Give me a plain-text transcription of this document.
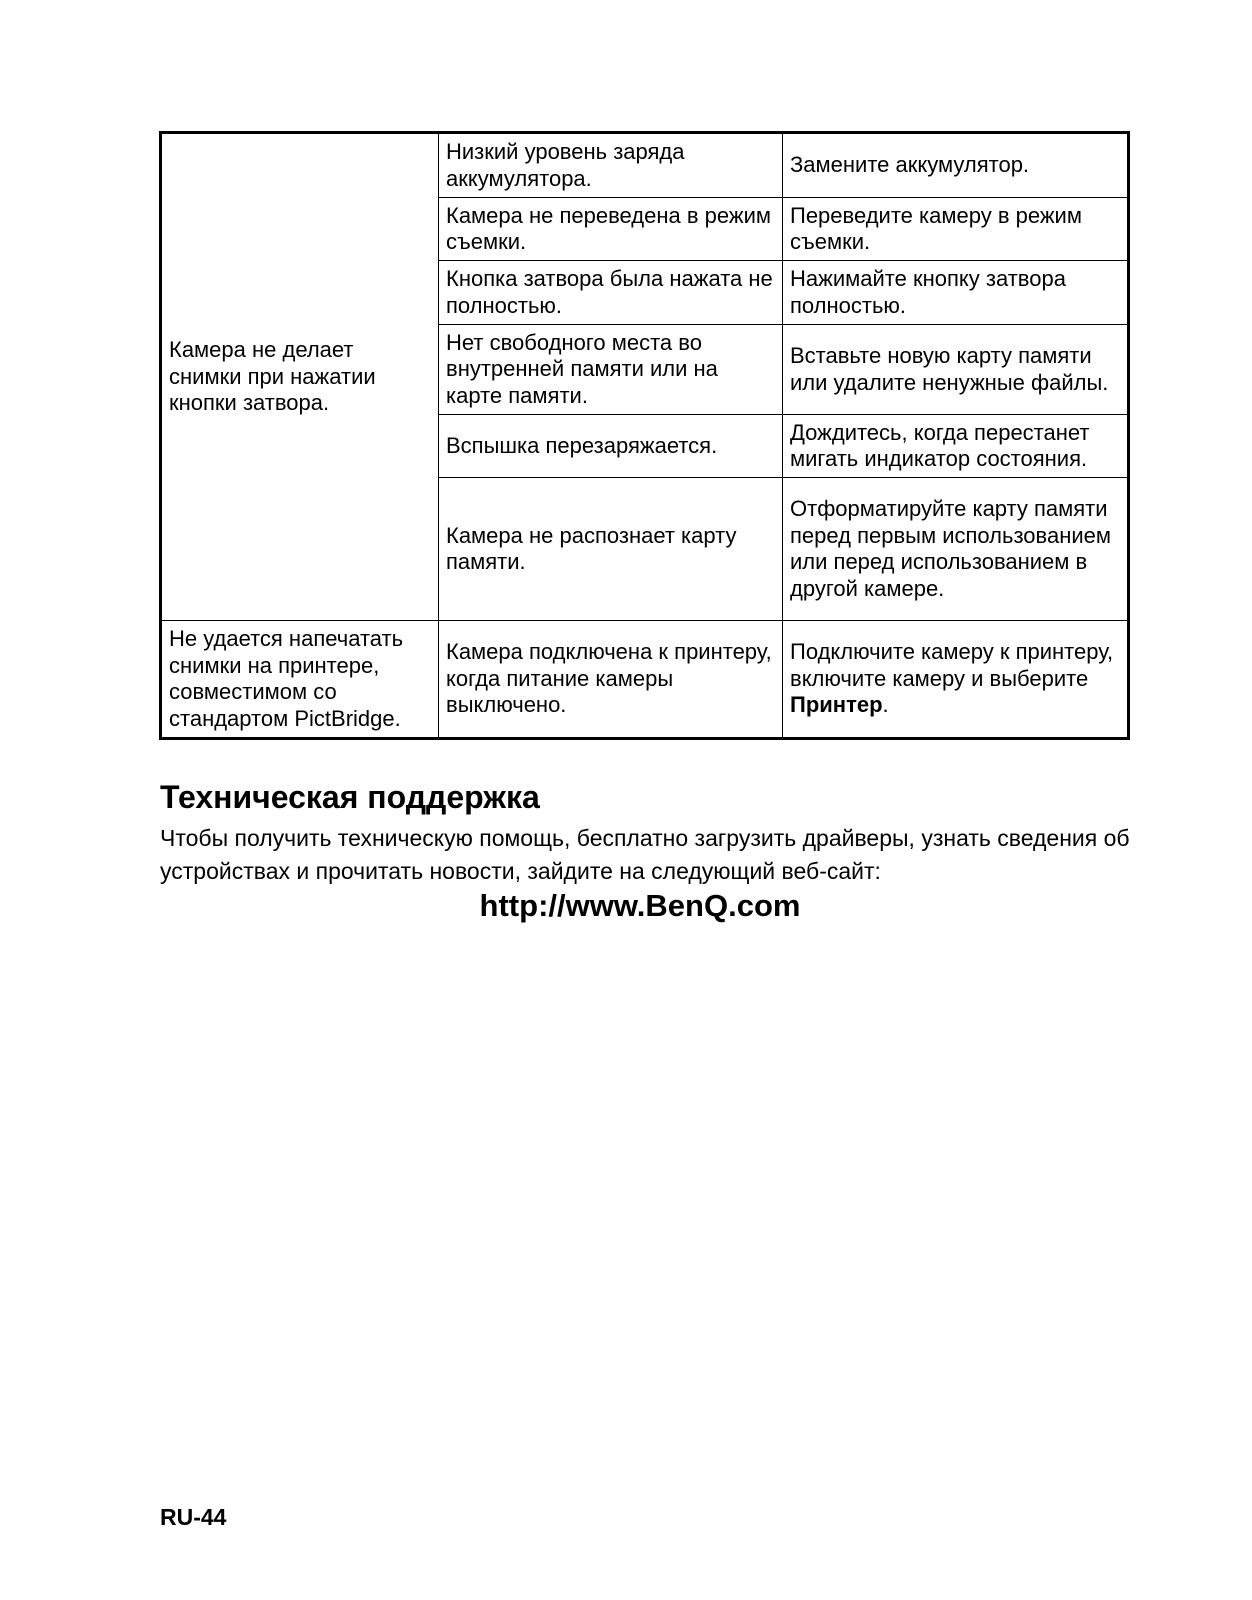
Камера не делает снимки при нажатии кнопки затвора.	Низкий уровень заряда аккумулятора.	Замените аккумулятор.
	Камера не переведена в режим съемки.	Переведите камеру в режим съемки.
	Кнопка затвора была нажата не полностью.	Нажимайте кнопку затвора полностью.
	Нет свободного места во внутренней памяти или на карте памяти.	Вставьте новую карту памяти или удалите ненужные файлы.
	Вспышка перезаряжается.	Дождитесь, когда перестанет мигать индикатор состояния.
	Камера не распознает карту памяти.	Отформатируйте карту памяти перед первым использованием или перед использованием в другой камере.
Не удается напечатать снимки на принтере, совместимом со стандартом PictBridge.	Камера подключена к принтеру, когда питание камеры выключено.	Подключите камеру к принтеру, включите камеру и выберите Принтер.
Техническая поддержка

Чтобы получить техническую помощь, бесплатно загрузить драйверы, узнать сведения об устройствах и прочитать новости, зайдите на следующий веб-сайт:

http://www.BenQ.com

RU-44
